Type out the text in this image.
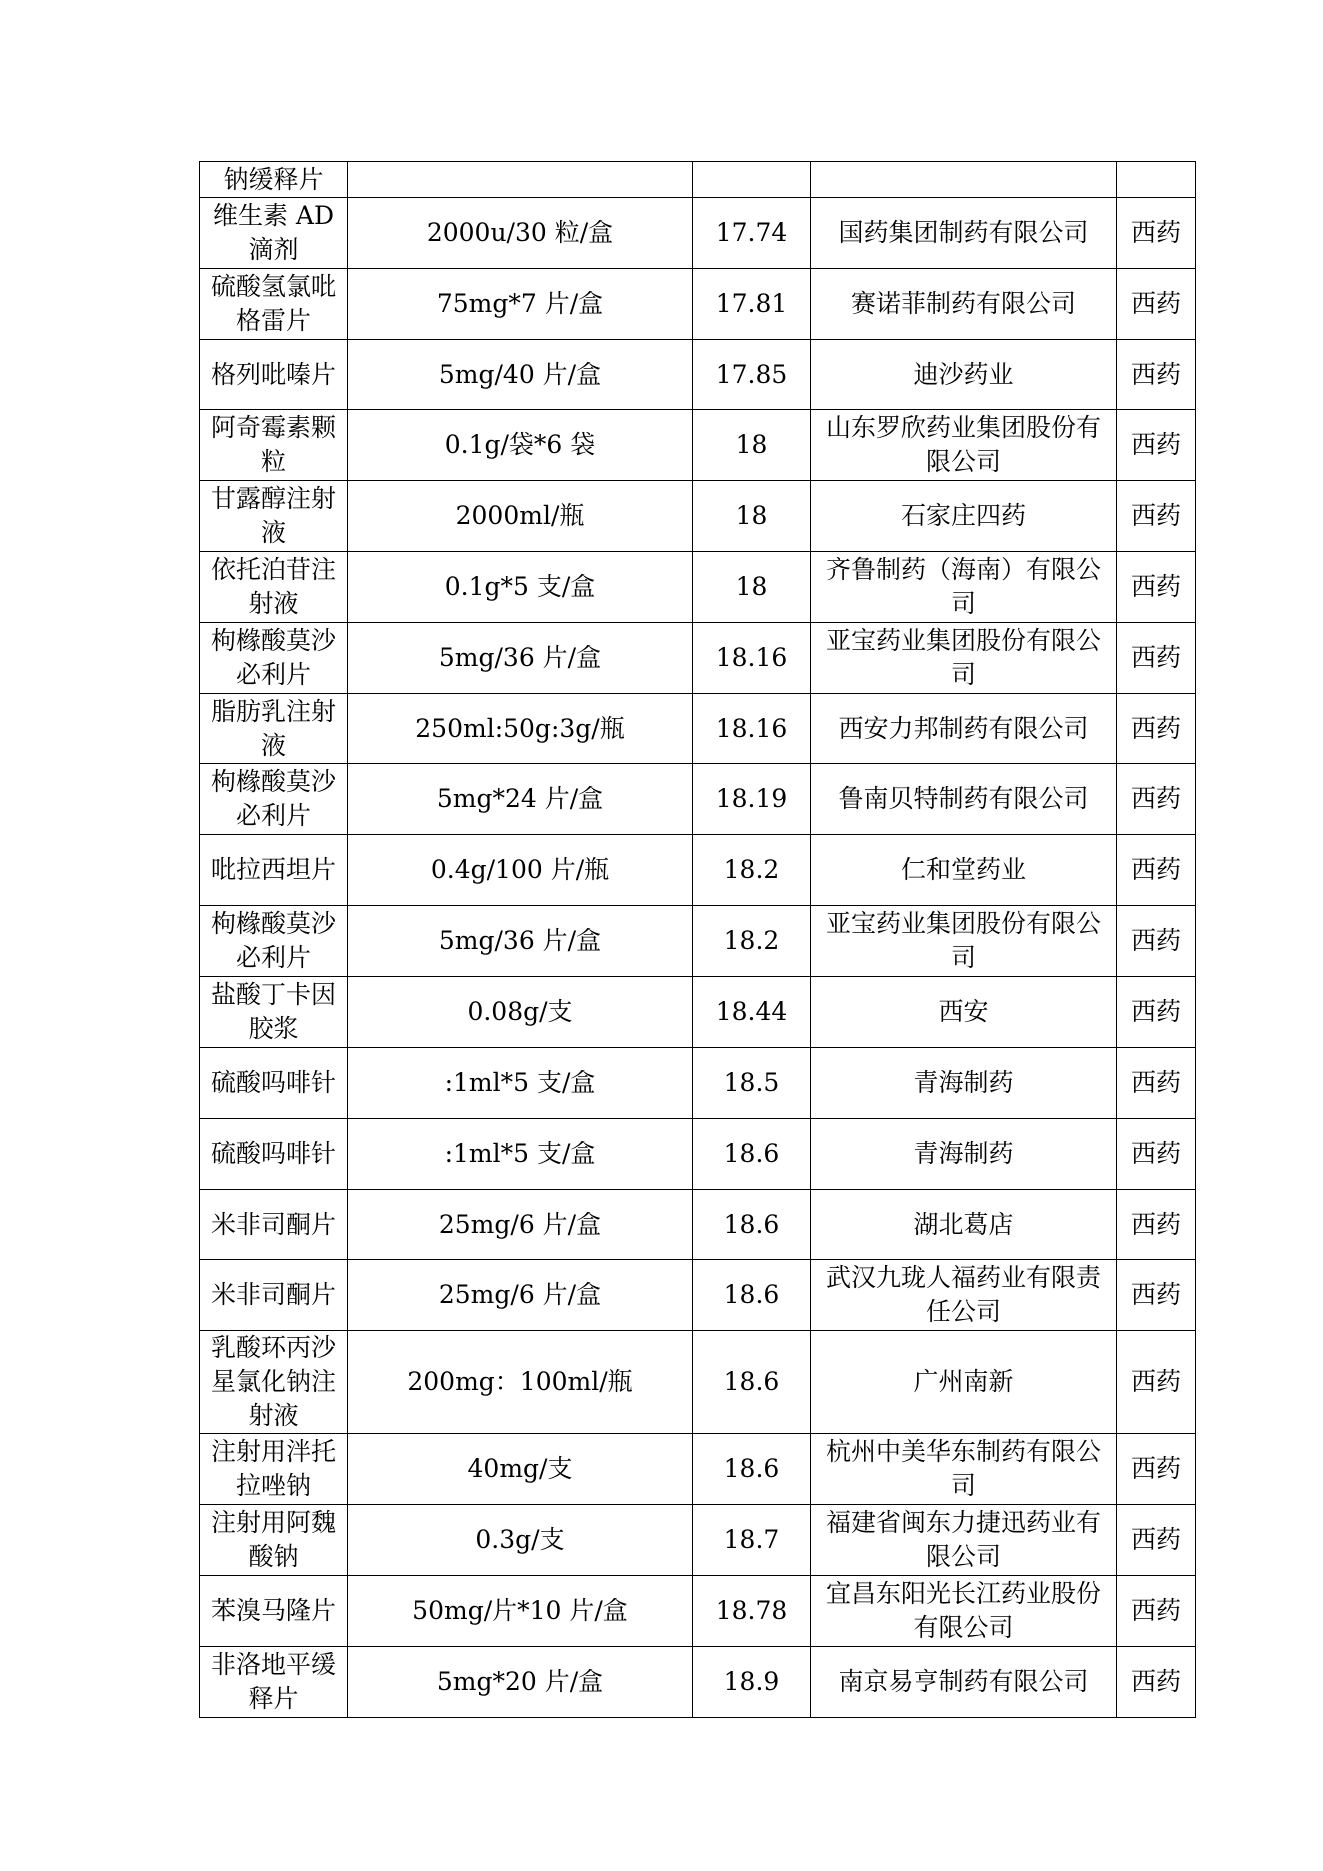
钠缓释片				
维生素 AD 滴剂	2000u/30 粒/盒	17.74	国药集团制药有限公司	西药
硫酸氢氯吡格雷片	75mg*7 片/盒	17.81	赛诺菲制药有限公司	西药
格列吡嗪片	5mg/40 片/盒	17.85	迪沙药业	西药
阿奇霉素颗粒	0.1g/袋*6 袋	18	山东罗欣药业集团股份有限公司	西药
甘露醇注射液	2000ml/瓶	18	石家庄四药	西药
依托泊苷注射液	0.1g*5 支/盒	18	齐鲁制药（海南）有限公司	西药
枸橼酸莫沙必利片	5mg/36 片/盒	18.16	亚宝药业集团股份有限公司	西药
脂肪乳注射液	250ml:50g:3g/瓶	18.16	西安力邦制药有限公司	西药
枸橼酸莫沙必利片	5mg*24 片/盒	18.19	鲁南贝特制药有限公司	西药
吡拉西坦片	0.4g/100 片/瓶	18.2	仁和堂药业	西药
枸橼酸莫沙必利片	5mg/36 片/盒	18.2	亚宝药业集团股份有限公司	西药
盐酸丁卡因胶浆	0.08g/支	18.44	西安	西药
硫酸吗啡针	:1ml*5 支/盒	18.5	青海制药	西药
硫酸吗啡针	:1ml*5 支/盒	18.6	青海制药	西药
米非司酮片	25mg/6 片/盒	18.6	湖北葛店	西药
米非司酮片	25mg/6 片/盒	18.6	武汉九珑人福药业有限责任公司	西药
乳酸环丙沙星氯化钠注射液	200mg：100ml/瓶	18.6	广州南新	西药
注射用泮托拉唑钠	40mg/支	18.6	杭州中美华东制药有限公司	西药
注射用阿魏酸钠	0.3g/支	18.7	福建省闽东力捷迅药业有限公司	西药
苯溴马隆片	50mg/片*10 片/盒	18.78	宜昌东阳光长江药业股份有限公司	西药
非洛地平缓释片	5mg*20 片/盒	18.9	南京易亨制药有限公司	西药
